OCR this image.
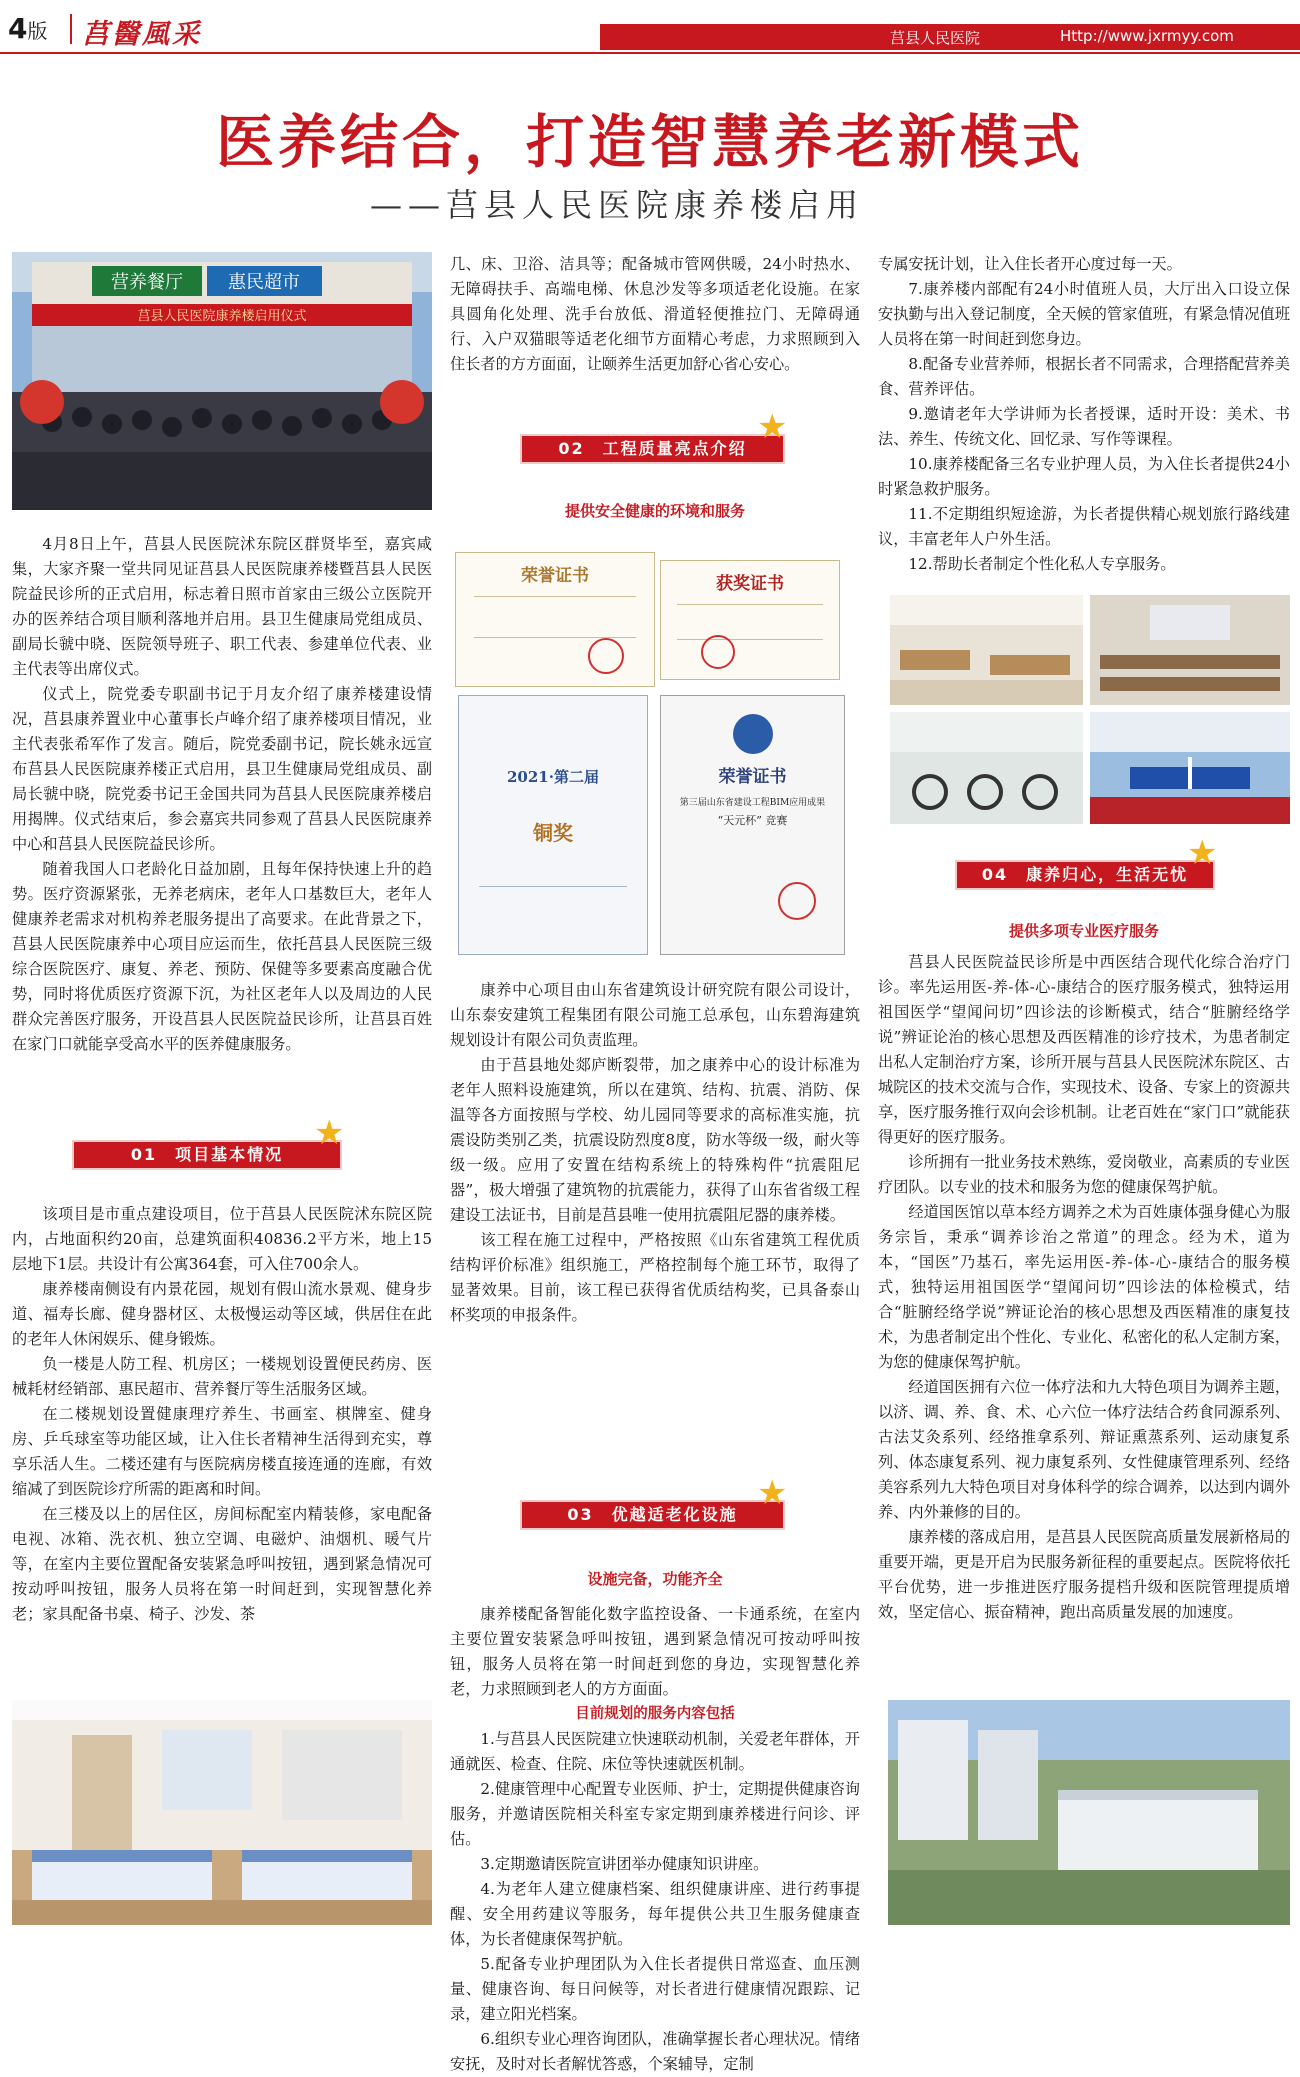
4版 莒醫風采	莒县人民医院	Http://www.jxrmyy.com
医养结合，打造智慧养老新模式
——莒县人民医院康养楼启用
营养餐厅	惠民超市
莒县人民医院康养楼启用仪式

4月8日上午，莒县人民医院沭东院区群贤毕至，嘉宾咸集，大家齐聚一堂共同见证莒县人民医院康养楼暨莒县人民医院益民诊所的正式启用，标志着日照市首家由三级公立医院开办的医养结合项目顺利落地并启用。县卫生健康局党组成员、副局长虢中晓、医院领导班子、职工代表、参建单位代表、业主代表等出席仪式。

仪式上，院党委专职副书记于月友介绍了康养楼建设情况，莒县康养置业中心董事长卢峰介绍了康养楼项目情况，业主代表张希军作了发言。随后，院党委副书记，院长姚永远宣布莒县人民医院康养楼正式启用，县卫生健康局党组成员、副局长虢中晓，院党委书记王金国共同为莒县人民医院康养楼启用揭牌。仪式结束后，参会嘉宾共同参观了莒县人民医院康养中心和莒县人民医院益民诊所。

随着我国人口老龄化日益加剧，且每年保持快速上升的趋势。医疗资源紧张，无养老病床，老年人口基数巨大，老年人健康养老需求对机构养老服务提出了高要求。在此背景之下，莒县人民医院康养中心项目应运而生，依托莒县人民医院三级综合医院医疗、康复、养老、预防、保健等多要素高度融合优势，同时将优质医疗资源下沉，为社区老年人以及周边的人民群众完善医疗服务，开设莒县人民医院益民诊所，让莒县百姓在家门口就能享受高水平的医养健康服务。

01　项目基本情况
★

该项目是市重点建设项目，位于莒县人民医院沭东院区院内，占地面积约20亩，总建筑面积40836.2平方米，地上15层地下1层。共设计有公寓364套，可入住700余人。

康养楼南侧设有内景花园，规划有假山流水景观、健身步道、福寿长廊、健身器材区、太极慢运动等区域，供居住在此的老年人休闲娱乐、健身锻炼。

负一楼是人防工程、机房区；一楼规划设置便民药房、医械耗材经销部、惠民超市、营养餐厅等生活服务区域。

在二楼规划设置健康理疗养生、书画室、棋牌室、健身房、乒乓球室等功能区域，让入住长者精神生活得到充实，尊享乐活人生。二楼还建有与医院病房楼直接连通的连廊，有效缩减了到医院诊疗所需的距离和时间。

在三楼及以上的居住区，房间标配室内精装修，家电配备电视、冰箱、洗衣机、独立空调、电磁炉、油烟机、暖气片等，在室内主要位置配备安装紧急呼叫按钮，遇到紧急情况可按动呼叫按钮，服务人员将在第一时间赶到，实现智慧化养老；家具配备书桌、椅子、沙发、茶

几、床、卫浴、洁具等；配备城市管网供暖，24小时热水、无障碍扶手、高端电梯、休息沙发等多项适老化设施。在家具圆角化处理、洗手台放低、滑道轻便推拉门、无障碍通行、入户双猫眼等适老化细节方面精心考虑，力求照顾到入住长者的方方面面，让颐养生活更加舒心省心安心。

02　工程质量亮点介绍
★
提供安全健康的环境和服务
荣誉证书	获奖证书
2021·第二届
铜奖
荣誉证书
第三届山东省建设工程BIM应用成果
“天元杯” 竞赛

康养中心项目由山东省建筑设计研究院有限公司设计，山东泰安建筑工程集团有限公司施工总承包，山东碧海建筑规划设计有限公司负责监理。

由于莒县地处郯庐断裂带，加之康养中心的设计标准为老年人照料设施建筑，所以在建筑、结构、抗震、消防、保温等各方面按照与学校、幼儿园同等要求的高标准实施，抗震设防类别乙类，抗震设防烈度8度，防水等级一级，耐火等级一级。应用了安置在结构系统上的特殊构件“抗震阻尼器”，极大增强了建筑物的抗震能力，获得了山东省省级工程建设工法证书，目前是莒县唯一使用抗震阻尼器的康养楼。

该工程在施工过程中，严格按照《山东省建筑工程优质结构评价标准》组织施工，严格控制每个施工环节，取得了显著效果。目前，该工程已获得省优质结构奖，已具备泰山杯奖项的申报条件。

03　优越适老化设施
★
设施完备，功能齐全

康养楼配备智能化数字监控设备、一卡通系统，在室内主要位置安装紧急呼叫按钮，遇到紧急情况可按动呼叫按钮，服务人员将在第一时间赶到您的身边，实现智慧化养老，力求照顾到老人的方方面面。

目前规划的服务内容包括

1.与莒县人民医院建立快速联动机制，关爱老年群体，开通就医、检查、住院、床位等快速就医机制。

2.健康管理中心配置专业医师、护士，定期提供健康咨询服务，并邀请医院相关科室专家定期到康养楼进行问诊、评估。

3.定期邀请医院宣讲团举办健康知识讲座。

4.为老年人建立健康档案、组织健康讲座、进行药事提醒、安全用药建议等服务，每年提供公共卫生服务健康查体，为长者健康保驾护航。

5.配备专业护理团队为入住长者提供日常巡查、血压测量、健康咨询、每日问候等，对长者进行健康情况跟踪、记录，建立阳光档案。

6.组织专业心理咨询团队，准确掌握长者心理状况。情绪安抚，及时对长者解忧答惑，个案辅导，定制

专属安抚计划，让入住长者开心度过每一天。

7.康养楼内部配有24小时值班人员，大厅出入口设立保安执勤与出入登记制度，全天候的管家值班，有紧急情况值班人员将在第一时间赶到您身边。

8.配备专业营养师，根据长者不同需求，合理搭配营养美食、营养评估。

9.邀请老年大学讲师为长者授课，适时开设：美术、书法、养生、传统文化、回忆录、写作等课程。

10.康养楼配备三名专业护理人员，为入住长者提供24小时紧急救护服务。

11.不定期组织短途游，为长者提供精心规划旅行路线建议，丰富老年人户外生活。

12.帮助长者制定个性化私人专享服务。

04　康养归心，生活无忧
★
提供多项专业医疗服务

莒县人民医院益民诊所是中西医结合现代化综合治疗门诊。率先运用医-养-体-心-康结合的医疗服务模式，独特运用祖国医学“望闻问切”四诊法的诊断模式，结合“脏腑经络学说”辨证论治的核心思想及西医精准的诊疗技术，为患者制定出私人定制治疗方案，诊所开展与莒县人民医院沭东院区、古城院区的技术交流与合作，实现技术、设备、专家上的资源共享，医疗服务推行双向会诊机制。让老百姓在“家门口”就能获得更好的医疗服务。

诊所拥有一批业务技术熟练，爱岗敬业，高素质的专业医疗团队。以专业的技术和服务为您的健康保驾护航。

经道国医馆以草本经方调养之术为百姓康体强身健心为服务宗旨，秉承“调养诊治之常道”的理念。经为术，道为本，“国医”乃基石，率先运用医-养-体-心-康结合的服务模式，独特运用祖国医学“望闻问切”四诊法的体检模式，结合“脏腑经络学说”辨证论治的核心思想及西医精准的康复技术，为患者制定出个性化、专业化、私密化的私人定制方案，为您的健康保驾护航。

经道国医拥有六位一体疗法和九大特色项目为调养主题，以济、调、养、食、术、心六位一体疗法结合药食同源系列、古法艾灸系列、经络推拿系列、辩证熏蒸系列、运动康复系列、体态康复系列、视力康复系列、女性健康管理系列、经络美容系列九大特色项目对身体科学的综合调养，以达到内调外养、内外兼修的目的。

康养楼的落成启用，是莒县人民医院高质量发展新格局的重要开端，更是开启为民服务新征程的重要起点。医院将依托平台优势，进一步推进医疗服务提档升级和医院管理提质增效，坚定信心、振奋精神，跑出高质量发展的加速度。
